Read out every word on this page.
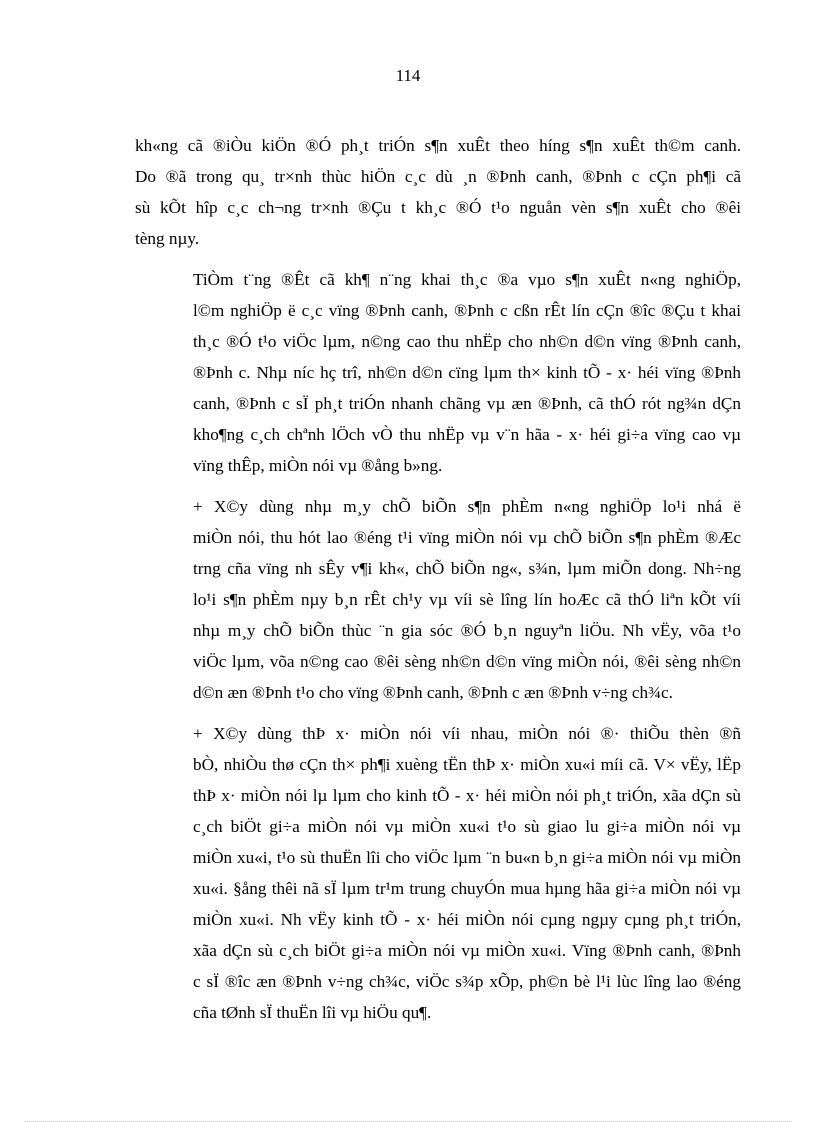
114
kh«ng cã ®iÒu kiÖn ®Ó ph¸t triÓn s¶n xuÊt theo híng s¶n xuÊt th©m canh.
Do ®ã trong qu¸ tr×nh thùc hiÖn c¸c dù ¸n ®Þnh canh, ®Þnh c cÇn ph¶i cã
sù kÕt hîp c¸c ch¬ng tr×nh ®Çu t kh¸c ®Ó t¹o nguån vèn s¶n xuÊt cho ®êi
tèng nµy.
TiÒm t¨ng ®Êt cã kh¶ n¨ng khai th¸c ®a vµo s¶n xuÊt n«ng nghiÖp,
l©m nghiÖp ë c¸c vïng ®Þnh canh, ®Þnh c cßn rÊt lín cÇn ®îc ®Çu t khai
th¸c ®Ó t¹o viÖc lµm, n©ng cao thu nhËp cho nh©n d©n vïng ®Þnh canh,
®Þnh c. Nhµ níc hç trî, nh©n d©n cïng lµm th× kinh tÕ - x· héi vïng ®Þnh
canh, ®Þnh c sÏ ph¸t triÓn nhanh chãng vµ æn ®Þnh, cã thÓ rót ng¾n dÇn
kho¶ng c¸ch chªnh lÖch vÒ thu nhËp vµ v¨n hãa - x· héi gi÷a vïng cao vµ
vïng thÊp, miÒn nói vµ ®ång b»ng.
+ X©y dùng nhµ m¸y chÕ biÕn s¶n phÈm n«ng nghiÖp lo¹i nhá ë
miÒn nói, thu hót lao ®éng t¹i vïng miÒn nói vµ chÕ biÕn s¶n phÈm ®Æc
trng cña vïng nh sÊy v¶i kh«, chÕ biÕn ng«, s¾n, lµm miÕn dong. Nh÷ng
lo¹i s¶n phÈm nµy b¸n rÊt ch¹y vµ víi sè lîng lín hoÆc cã thÓ liªn kÕt víi
nhµ m¸y chÕ biÕn thùc ¨n gia sóc ®Ó b¸n nguyªn liÖu. Nh vËy, võa t¹o
viÖc lµm, võa n©ng cao ®êi sèng nh©n d©n vïng miÒn nói, ®êi sèng nh©n
d©n æn ®Þnh t¹o cho vïng ®Þnh canh, ®Þnh c æn ®Þnh v÷ng ch¾c.
+ X©y dùng thÞ x· miÒn nói víi nhau, miÒn nói ®· thiÕu thèn ®ñ
bÒ, nhiÒu thø cÇn th× ph¶i xuèng tËn thÞ x· miÒn xu«i míi cã. V× vËy, lËp
thÞ x· miÒn nói lµ lµm cho kinh tÕ - x· héi miÒn nói ph¸t triÓn, xãa dÇn sù
c¸ch biÖt gi÷a miÒn nói vµ miÒn xu«i t¹o sù giao lu gi÷a miÒn nói vµ
miÒn xu«i, t¹o sù thuËn lîi cho viÖc lµm ¨n bu«n b¸n gi÷a miÒn nói vµ miÒn
xu«i. §ång thêi nã sÏ lµm tr¹m trung chuyÓn mua hµng hãa gi÷a miÒn nói vµ
miÒn xu«i. Nh vËy kinh tÕ - x· héi miÒn nói cµng ngµy cµng ph¸t triÓn,
xãa dÇn sù c¸ch biÖt gi÷a miÒn nói vµ miÒn xu«i. Vïng ®Þnh canh, ®Þnh
c sÏ ®îc æn ®Þnh v÷ng ch¾c, viÖc s¾p xÕp, ph©n bè l¹i lùc lîng lao ®éng
cña tØnh sÏ thuËn lîi vµ hiÖu qu¶.
